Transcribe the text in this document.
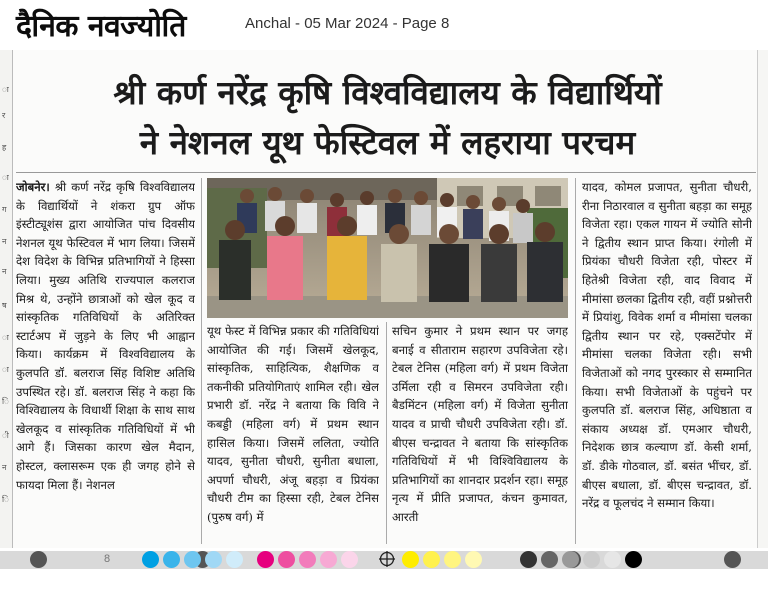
दैनिक नवज्योति	Anchal - 05 Mar 2024 - Page 8
ा
र
ह
ा
ग
न
न
ष
ा
ा
ि
ी
न
ि
श्री कर्ण नरेंद्र कृषि विश्वविद्यालय के विद्यार्थियों
ने नेशनल यूथ फेस्टिवल में लहराया परचम
जोबनेर। श्री कर्ण नरेंद्र कृषि विश्वविद्यालय के विद्यार्थियों ने शंकरा ग्रुप ऑफ इंस्टीट्यूशंस द्वारा आयोजित पांच दिवसीय नेशनल यूथ फेस्टिवल में भाग लिया। जिसमें देश विदेश के विभिन्न प्रतिभागियों ने हिस्सा लिया। मुख्य अतिथि राज्यपाल कलराज मिश्र थे, उन्होंने छात्राओं को खेल कूद व सांस्कृतिक गतिविधियों के अतिरिक्त स्टार्टअप में जुड़ने के लिए भी आह्वान किया। कार्यक्रम में विश्वविद्यालय के कुलपति डॉ. बलराज सिंह विशिष्ट अतिथि उपस्थित रहे। डॉ. बलराज सिंह ने कहा कि विश्विद्यालय के विधार्थी शिक्षा के साथ साथ खेलकूद व सांस्कृतिक गतिविधियों में भी आगे हैं। जिसका कारण खेल मैदान, होस्टल, क्लासरूम एक ही जगह होने से फायदा मिला हैं। नेशनल
यूथ फेस्ट में विभिन्न प्रकार की गतिविधियां आयोजित की गई। जिसमें खेलकूद, सांस्कृतिक, साहित्यिक, शैक्षणिक व तकनीकी प्रतियोगिताएं शामिल रही। खेल प्रभारी डॉ. नरेंद्र ने बताया कि विवि ने कबड्डी (महिला वर्ग) में प्रथम स्थान हासिल किया। जिसमें ललिता, ज्योति यादव, सुनीता चौधरी, सुनीता बधाला, अपर्णा चौधरी, अंजू बहड़ा व प्रियंका चौधरी टीम का हिस्सा रही, टेबल टेनिस (पुरुष वर्ग) में
सचिन कुमार ने प्रथम स्थान पर जगह बनाई व सीताराम सहारण उपविजेता रहे। टेबल टेनिस (महिला वर्ग) में प्रथम विजेता उर्मिला रही व सिमरन उपविजेता रही। बैडमिंटन (महिला वर्ग) में विजेता सुनीता यादव व प्राची चौधरी उपविजेता रही। डॉ. बीएस चन्द्रावत ने बताया कि सांस्कृतिक गतिविधियों में भी विश्विविद्यालय के प्रतिभागियों का शानदार प्रदर्शन रहा। समूह नृत्य में प्रीति प्रजापत, कंचन कुमावत, आरती
यादव, कोमल प्रजापत, सुनीता चौधरी, रीना निठारवाल व सुनीता बहड़ा का समूह विजेता रहा। एकल गायन में ज्योति सोनी ने द्वितीय स्थान प्राप्त किया। रंगोली में प्रियंका चौधरी विजेता रही, पोस्टर में हितेश्री विजेता रही, वाद विवाद में मीमांसा छलका द्वितीय रही, वहीं प्रश्नोत्तरी में प्रियांशु, विवेक शर्मा व मीमांसा चलका द्वितीय स्थान पर रहे, एक्सटेंपोर में मीमांसा चलका विजेता रही। सभी विजेताओं को नगद पुरस्कार से सम्मानित किया। सभी विजेताओं के पहुंचने पर कुलपति डॉ. बलराज सिंह, अधिष्ठाता व संकाय अध्यक्ष डॉ. एमआर चौधरी, निदेशक छात्र कल्याण डॉ. केसी शर्मा, डॉ. डीके गोठवाल, डॉ. बसंत भींचर, डॉ. बीएस बधाला, डॉ. बीएस चन्द्रावत, डॉ. नरेंद्र व फूलचंद ने सम्मान किया।
8
